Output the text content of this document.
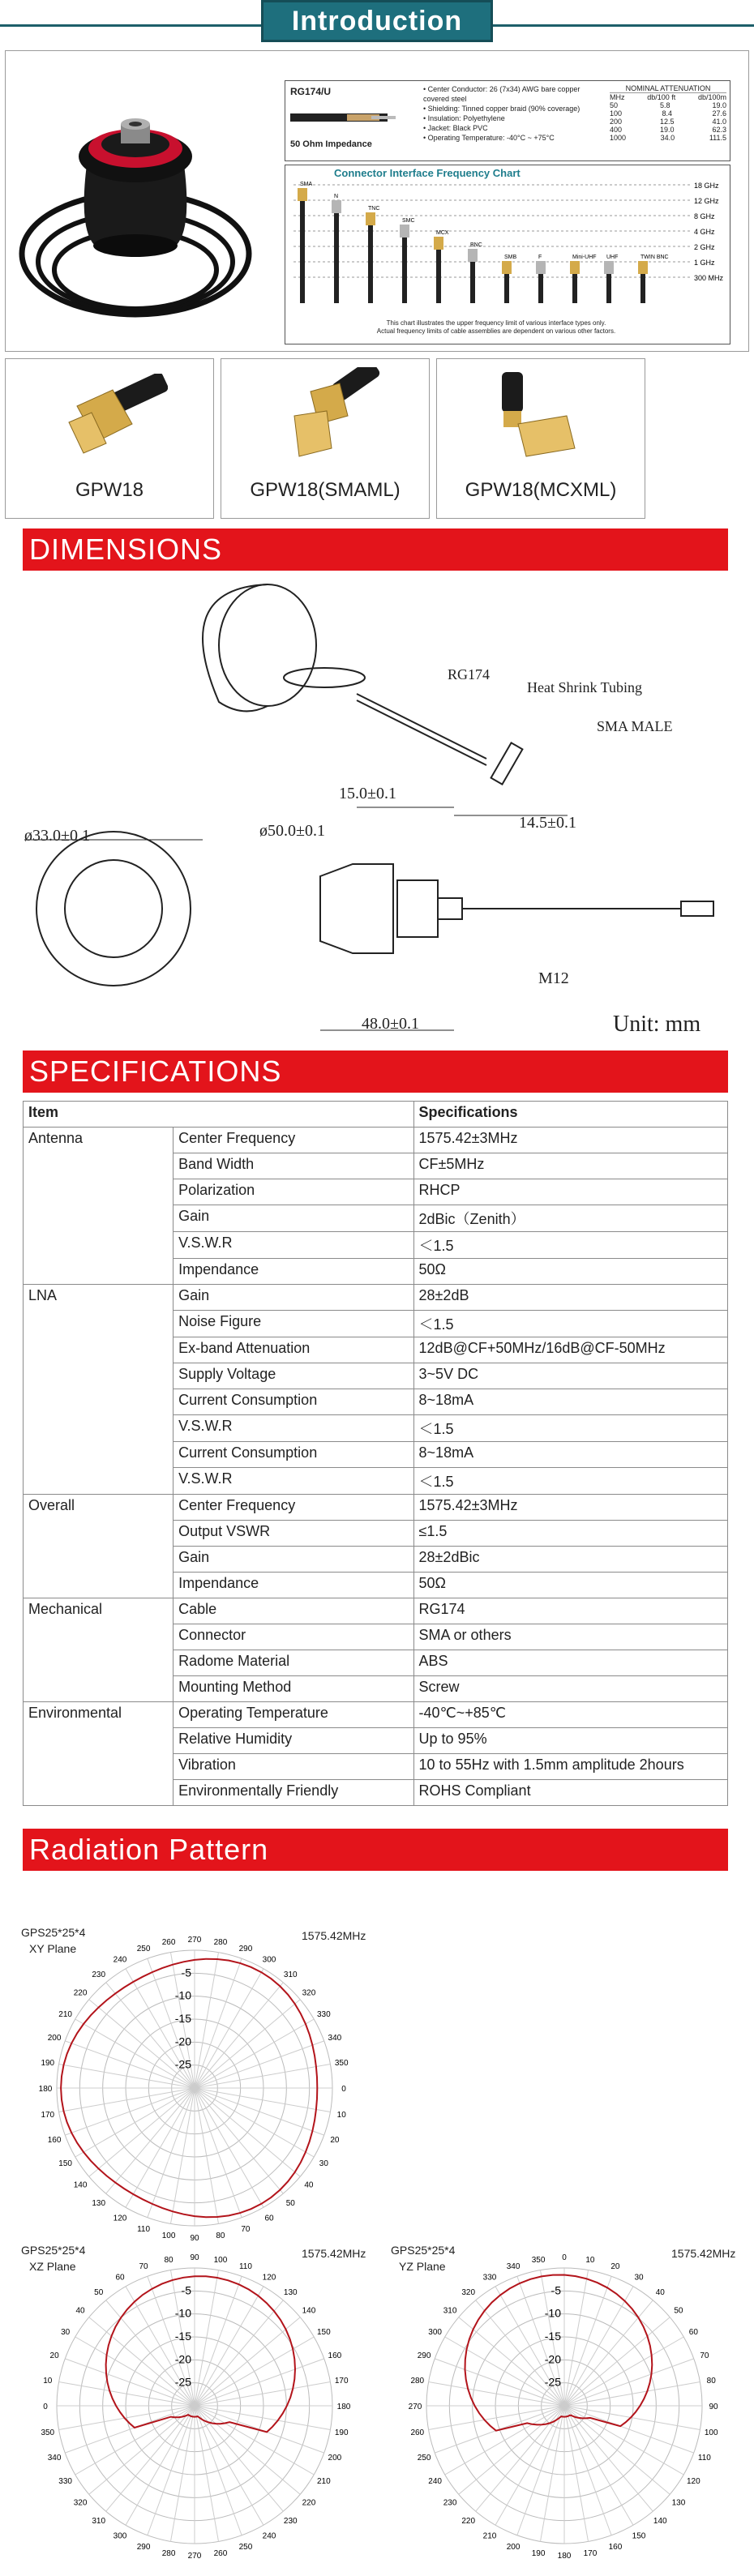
Introduction
RG174/U
50 Ohm Impedance
• Center Conductor: 26 (7x34) AWG bare copper covered steel
• Shielding: Tinned copper braid (90% coverage)
• Insulation: Polyethylene
• Jacket: Black PVC
• Operating Temperature: -40°C ~ +75°C
NOMINAL ATTENUATION
MHz	db/100 ft	db/100m
50	5.8	19.0
100	8.4	27.6
200	12.5	41.0
400	19.0	62.3
1000	34.0	111.5
Connector Interface Frequency Chart
18 GHz
12 GHz
8 GHz
4 GHz
2 GHz
1 GHz
300 MHz
SMA
N
TNC
SMC
MCX
BNC
SMB	F	Mini-UHF UHF	TWIN BNC
This chart illustrates the upper frequency limit of various interface types only.
Actual frequency limits of cable assemblies are dependent on various other factors.
GPW18	GPW18(SMAML)	GPW18(MCXML)
DIMENSIONS
RG174
Heat Shrink Tubing
SMA MALE
15.0±0.1
14.5±0.1
ø33.0±0.1	ø50.0±0.1
M12
48.0±0.1	Unit: mm
SPECIFICATIONS
Item		Specifications
Antenna	Center Frequency	1575.42±3MHz
	Band Width	CF±5MHz
	Polarization	RHCP
	Gain	2dBic（Zenith）
	V.S.W.R	＜1.5
	Impendance	50Ω
LNA	Gain	28±2dB
	Noise Figure	＜1.5
	Ex-band Attenuation	12dB@CF+50MHz/16dB@CF-50MHz
	Supply Voltage	3~5V DC
	Current Consumption	8~18mA
	V.S.W.R	＜1.5
	Current Consumption	8~18mA
	V.S.W.R	＜1.5
Overall	Center Frequency	1575.42±3MHz
	Output VSWR	≤1.5
	Gain	28±2dBic
	Impendance	50Ω
Mechanical	Cable	RG174
	Connector	SMA or others
	Radome Material	ABS
	Mounting Method	Screw
Environmental	Operating Temperature	-40℃~+85℃
	Relative Humidity	Up to 95%
	Vibration	10 to 55Hz with 1.5mm amplitude 2hours
	Environmentally Friendly	ROHS Compliant
Radiation Pattern
270 280
290
300
310
320
330
340
350
0
10
20
30
40
50
60
70
80
90
100
110
120
130
140
150
160
170
180
190
200
210
220
230
240
250
260
-5
-10
-15
-20
-25
GPS25*25*4
XY Plane
1575.42MHz
90 100
110
120
130
140
150
160
170
180
190
200
210
220
230
240
250
260
270
280
290
300
310
320
330
340
350
0
10
20
30
40
50
60
70
80
-5
-10
-15
-20
-25
GPS25*25*4
XZ Plane
1575.42MHz	0 10
20
30
40
50
60
70
80
90
100
110
120
130
140
150
160
170
180
190
200
210
220
230
240
250
260
270
280
290
300
310
320
330
340
350
-5
-10
-15
-20
-25
GPS25*25*4
YZ Plane
1575.42MHz
